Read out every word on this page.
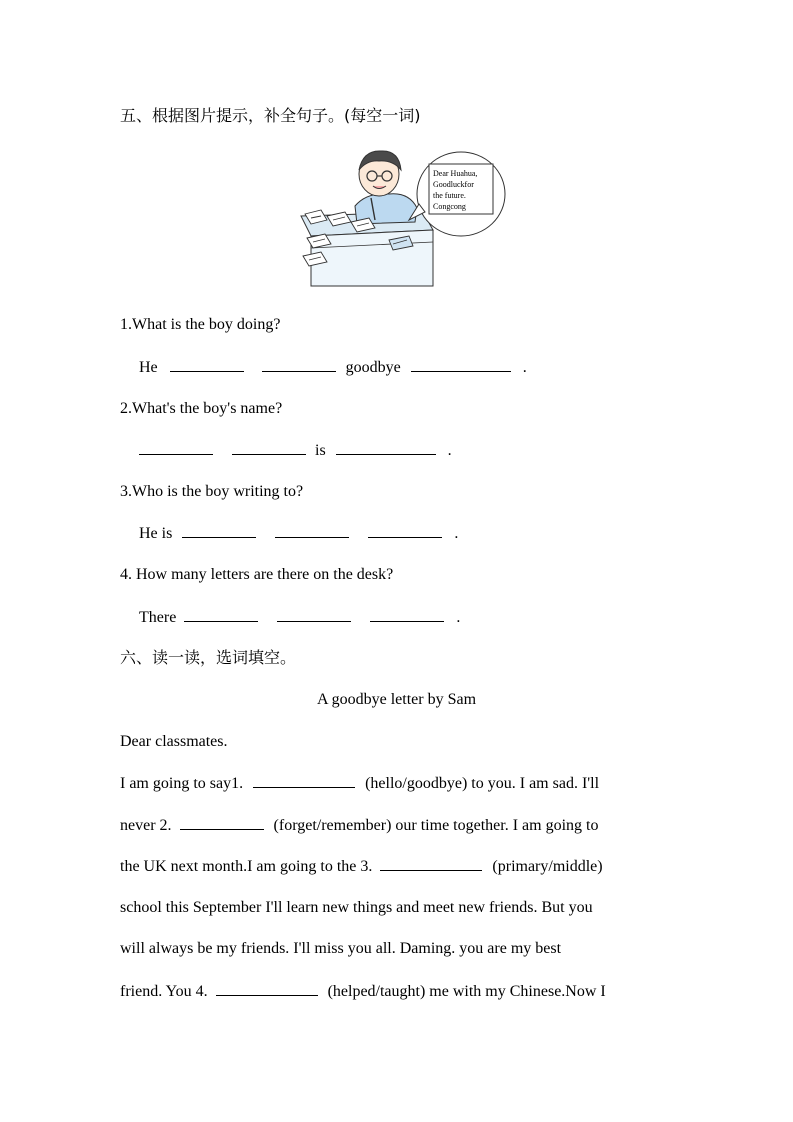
五、根据图片提示，补全句子。(每空一词)
Dear Huahua,
Goodluckfor
the future.
Congcong
1.What is the boy doing?
He	goodbye	.
2.What's the boy's name?
is	.
3.Who is the boy writing to?
He is	.
4. How many letters are there on the desk?
There	.
六、读一读，选词填空。
A goodbye letter by Sam
Dear classmates.
I am going to say1.	(hello/goodbye) to you. I am sad. I'll
never 2.	(forget/remember) our time together. I am going to
the UK next month.I am going to the 3.	(primary/middle)
school this September I'll learn new things and meet new friends. But you
will always be my friends. I'll miss you all. Daming. you are my best
friend. You 4.	(helped/taught) me with my Chinese.Now I
